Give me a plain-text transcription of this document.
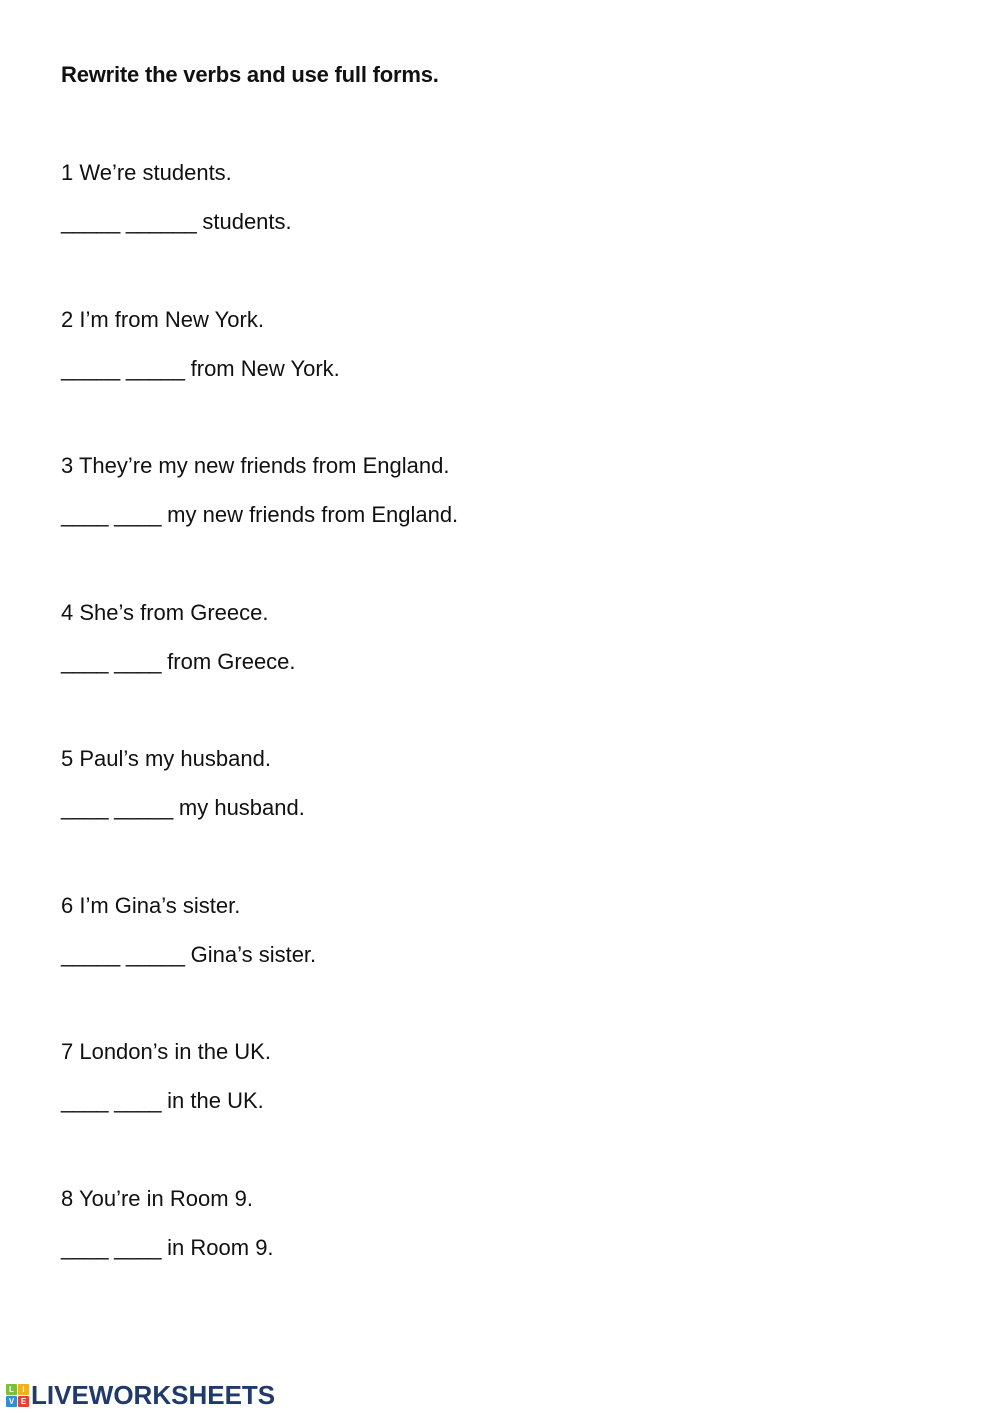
Rewrite the verbs and use full forms.
1 We’re students.
_____ ______ students.
2 I’m from New York.
_____ _____ from New York.
3 They’re my new friends from England.
____ ____ my new friends from England.
4 She’s from Greece.
____ ____ from Greece.
5 Paul’s my husband.
____ _____ my husband.
6 I’m Gina’s sister.
_____ _____ Gina’s sister.
7 London’s in the UK.
____ ____ in the UK.
8 You’re in Room 9.
____ ____ in Room 9.
L	I
V E LIVEWORKSHEETS
